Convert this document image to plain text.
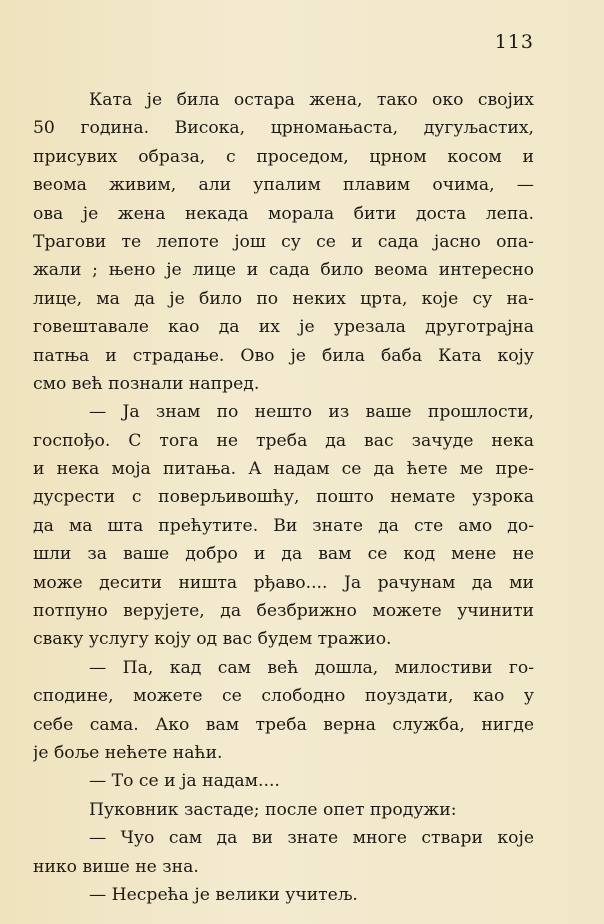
113
Ката је била остара жена, тако око својих
50 година. Висока, црномањаста, дугуљастих,
присувих образа, с проседом, црном косом и
веома живим, али упалим плавим очима, —
ова је жена некада морала бити доста лепа.
Трагови те лепоте још су се и сада јасно опа-
жали ; њено је лице и сада било веома интересно
лице, ма да је било по неких црта, које су на-
говештавале као да их је урезала друготрајна
патња и страдање. Ово је била баба Ката коју
смо већ познали напред.
— Ја знам по нешто из ваше прошлости,
госпођо. С тога не треба да вас зачуде нека
и нека моја питања. А надам се да ћете ме пре-
дусрести с поверљивошћу, пошто немате узрока
да ма шта прећутите. Ви знате да сте амо до-
шли за ваше добро и да вам се код мене не
може десити ништа рђаво.... Ја рачунам да ми
потпуно верујете, да безбрижно можете учинити
сваку услугу коју од вас будем тражио.
— Па, кад сам већ дошла, милостиви го-
сподине, можете се слободно поуздати, као у
себе сама. Ако вам треба верна служба, нигде
је боље нећете наћи.
— То се и ја надам....
Пуковник застаде; после опет продужи:
— Чуо сам да ви знате многе ствари које
нико више не зна.
— Несрећа је велики учитељ.
